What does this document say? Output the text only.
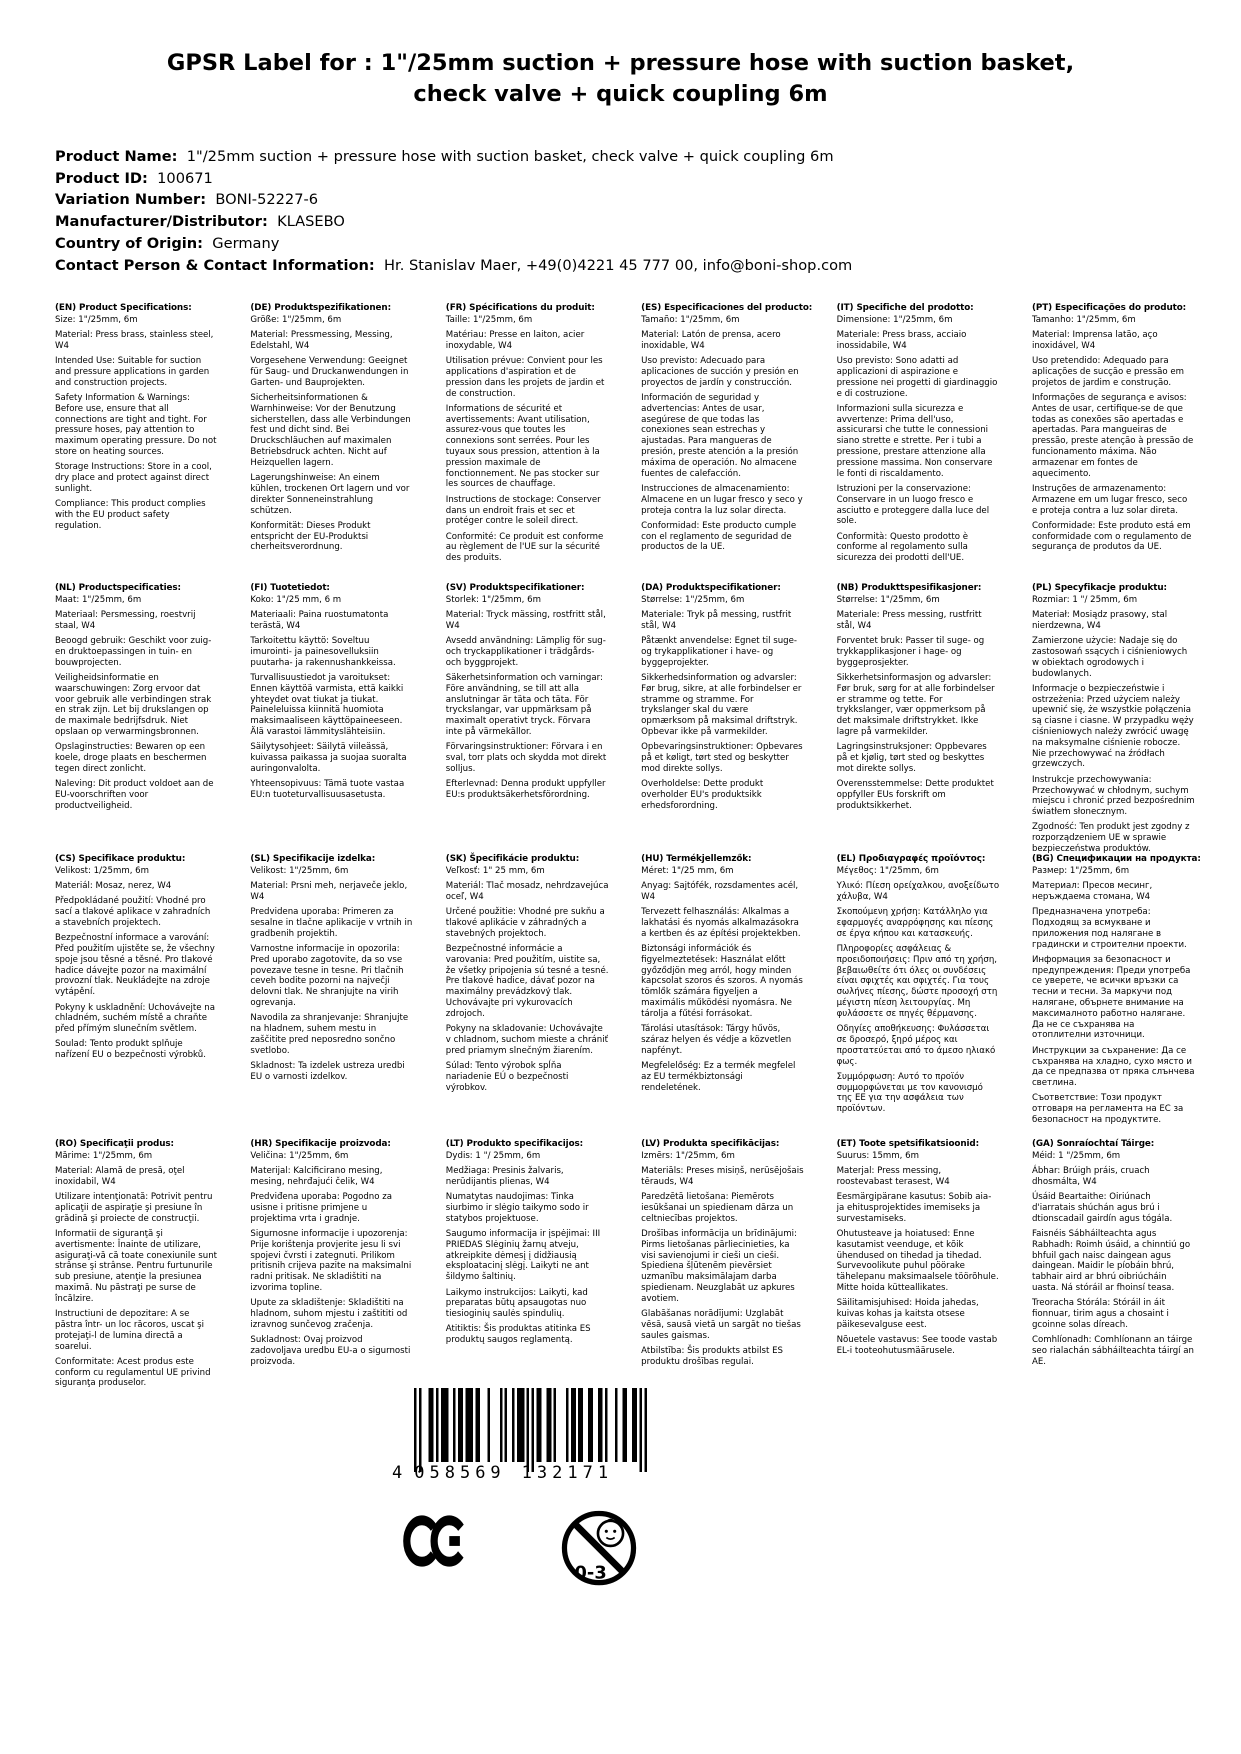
GPSR Label for : 1"/25mm suction + pressure hose with suction basket, check valve + quick coupling 6m
Product Name:  1"/25mm suction + pressure hose with suction basket, check valve + quick coupling 6m
Product ID:  100671
Variation Number:  BONI-52227-6
Manufacturer/Distributor:  KLASEBO
Country of Origin:  Germany
Contact Person & Contact Information:  Hr. Stanislav Maer, +49(0)4221 45 777 00, info@boni-shop.com
(EN) Product Specifications:

Size: 1"/25mm, 6m

Material: Press brass, stainless steel, W4

Intended Use: Suitable for suction and pressure applications in garden and construction projects.

Safety Information & Warnings: Before use, ensure that all connections are tight and tight. For pressure hoses, pay attention to maximum operating pressure. Do not store on heating sources.

Storage Instructions: Store in a cool, dry place and protect against direct sunlight.

Compliance: This product complies with the EU product safety regulation.

(DE) Produktspezifikationen:

Größe: 1"/25mm, 6m

Material: Pressmessing, Messing, Edelstahl, W4

Vorgesehene Verwendung: Geeignet für Saug- und Druckanwendungen in Garten- und Bauprojekten.

Sicherheitsinformationen & Warnhinweise: Vor der Benutzung sicherstellen, dass alle Verbindungen fest und dicht sind. Bei Druckschläuchen auf maximalen Betriebsdruck achten. Nicht auf Heizquellen lagern.

Lagerungshinweise: An einem kühlen, trockenen Ort lagern und vor direkter Sonneneinstrahlung schützen.

Konformität: Dieses Produkt entspricht der EU-Produktsi cherheitsverordnung.

(FR) Spécifications du produit:

Taille: 1"/25mm, 6m

Matériau: Presse en laiton, acier inoxydable, W4

Utilisation prévue: Convient pour les applications d'aspiration et de pression dans les projets de jardin et de construction.

Informations de sécurité et avertissements: Avant utilisation, assurez-vous que toutes les connexions sont serrées. Pour les tuyaux sous pression, attention à la pression maximale de fonctionnement. Ne pas stocker sur les sources de chauffage.

Instructions de stockage: Conserver dans un endroit frais et sec et protéger contre le soleil direct.

Conformité: Ce produit est conforme au règlement de l'UE sur la sécurité des produits.

(ES) Especificaciones del producto:

Tamaño: 1"/25mm, 6m

Material: Latón de prensa, acero inoxidable, W4

Uso previsto: Adecuado para aplicaciones de succión y presión en proyectos de jardín y construcción.

Información de seguridad y advertencias: Antes de usar, asegúrese de que todas las conexiones sean estrechas y ajustadas. Para mangueras de presión, preste atención a la presión máxima de operación. No almacene fuentes de calefacción.

Instrucciones de almacenamiento: Almacene en un lugar fresco y seco y proteja contra la luz solar directa.

Conformidad: Este producto cumple con el reglamento de seguridad de productos de la UE.

(IT) Specifiche del prodotto:

Dimensione: 1"/25mm, 6m

Materiale: Press brass, acciaio inossidabile, W4

Uso previsto: Sono adatti ad applicazioni di aspirazione e pressione nei progetti di giardinaggio e di costruzione.

Informazioni sulla sicurezza e avvertenze: Prima dell'uso, assicurarsi che tutte le connessioni siano strette e strette. Per i tubi a pressione, prestare attenzione alla pressione massima. Non conservare le fonti di riscaldamento.

Istruzioni per la conservazione: Conservare in un luogo fresco e asciutto e proteggere dalla luce del sole.

Conformità: Questo prodotto è conforme al regolamento sulla sicurezza dei prodotti dell'UE.

(PT) Especificações do produto:

Tamanho: 1"/25mm, 6m

Material: Imprensa latão, aço inoxidável, W4

Uso pretendido: Adequado para aplicações de sucção e pressão em projetos de jardim e construção.

Informações de segurança e avisos: Antes de usar, certifique-se de que todas as conexões são apertadas e apertadas. Para mangueiras de pressão, preste atenção à pressão de funcionamento máxima. Não armazenar em fontes de aquecimento.

Instruções de armazenamento: Armazene em um lugar fresco, seco e proteja contra a luz solar direta.

Conformidade: Este produto está em conformidade com o regulamento de segurança de produtos da UE.

(NL) Productspecificaties:

Maat: 1"/25mm, 6m

Materiaal: Persmessing, roestvrij staal, W4

Beoogd gebruik: Geschikt voor zuig- en druktoepassingen in tuin- en bouwprojecten.

Veiligheidsinformatie en waarschuwingen: Zorg ervoor dat voor gebruik alle verbindingen strak en strak zijn. Let bij drukslangen op de maximale bedrijfsdruk. Niet opslaan op verwarmingsbronnen.

Opslaginstructies: Bewaren op een koele, droge plaats en beschermen tegen direct zonlicht.

Naleving: Dit product voldoet aan de EU-voorschriften voor productveiligheid.

(FI) Tuotetiedot:

Koko: 1"/25 mm, 6 m

Materiaali: Paina ruostumatonta terästä, W4

Tarkoitettu käyttö: Soveltuu imurointi- ja painesovelluksiin puutarha- ja rakennushankkeissa.

Turvallisuustiedot ja varoitukset: Ennen käyttöä varmista, että kaikki yhteydet ovat tiukat ja tiukat. Paineleluissa kiinnitä huomiota maksimaaliseen käyttöpaineeseen. Älä varastoi lämmityslähteisiin.

Säilytysohjeet: Säilytä viileässä, kuivassa paikassa ja suojaa suoralta auringonvalolta.

Yhteensopivuus: Tämä tuote vastaa EU:n tuoteturvallisuusasetusta.

(SV) Produktspecifikationer:

Storlek: 1"/25mm, 6m

Material: Tryck mässing, rostfritt stål, W4

Avsedd användning: Lämplig för sug- och tryckapplikationer i trädgårds- och byggprojekt.

Säkerhetsinformation och varningar: Före användning, se till att alla anslutningar är täta och täta. För tryckslangar, var uppmärksam på maximalt operativt tryck. Förvara inte på värmekällor.

Förvaringsinstruktioner: Förvara i en sval, torr plats och skydda mot direkt solljus.

Efterlevnad: Denna produkt uppfyller EU:s produktsäkerhetsförordning.

(DA) Produktspecifikationer:

Størrelse: 1"/25mm, 6m

Materiale: Tryk på messing, rustfrit stål, W4

Påtænkt anvendelse: Egnet til suge- og trykapplikationer i have- og byggeprojekter.

Sikkerhedsinformation og advarsler: Før brug, sikre, at alle forbindelser er stramme og stramme. For trykslanger skal du være opmærksom på maksimal driftstryk. Opbevar ikke på varmekilder.

Opbevaringsinstruktioner: Opbevares på et køligt, tørt sted og beskytter mod direkte sollys.

Overholdelse: Dette produkt overholder EU's produktsikk erhedsforordning.

(NB) Produkttspesifikasjoner:

Størrelse: 1"/25mm, 6m

Materiale: Press messing, rustfritt stål, W4

Forventet bruk: Passer til suge- og trykkapplikasjoner i hage- og byggeprosjekter.

Sikkerhetsinformasjon og advarsler: Før bruk, sørg for at alle forbindelser er stramme og tette. For trykkslanger, vær oppmerksom på det maksimale driftstrykket. Ikke lagre på varmekilder.

Lagringsinstruksjoner: Oppbevares på et kjølig, tørt sted og beskyttes mot direkte sollys.

Overensstemmelse: Dette produktet oppfyller EUs forskrift om produktsikkerhet.

(PL) Specyfikacje produktu:

Rozmiar: 1 "/ 25mm, 6m

Materiał: Mosiądz prasowy, stal nierdzewna, W4

Zamierzone użycie: Nadaje się do zastosowań ssących i ciśnieniowych w obiektach ogrodowych i budowlanych.

Informacje o bezpieczeństwie i ostrzeżenia: Przed użyciem należy upewnić się, że wszystkie połączenia są ciasne i ciasne. W przypadku węży ciśnieniowych należy zwrócić uwagę na maksymalne ciśnienie robocze. Nie przechowywać na źródłach grzewczych.

Instrukcje przechowywania: Przechowywać w chłodnym, suchym miejscu i chronić przed bezpośrednim światłem słonecznym.

Zgodność: Ten produkt jest zgodny z rozporządzeniem UE w sprawie bezpieczeństwa produktów.

(CS) Specifikace produktu:

Velikost: 1/25mm, 6m

Materiál: Mosaz, nerez, W4

Předpokládané použití: Vhodné pro sací a tlakové aplikace v zahradních a stavebních projektech.

Bezpečnostní informace a varování: Před použitím ujistěte se, že všechny spoje jsou těsné a těsné. Pro tlakové hadice dávejte pozor na maximální provozní tlak. Neukládejte na zdroje vytápění.

Pokyny k uskladnění: Uchovávejte na chladném, suchém místě a chraňte před přímým slunečním světlem.

Soulad: Tento produkt splňuje nařízení EU o bezpečnosti výrobků.

(SL) Specifikacije izdelka:

Velikost: 1"/25mm, 6m

Material: Prsni meh, nerjaveče jeklo, W4

Predvidena uporaba: Primeren za sesalne in tlačne aplikacije v vrtnih in gradbenih projektih.

Varnostne informacije in opozorila: Pred uporabo zagotovite, da so vse povezave tesne in tesne. Pri tlačnih ceveh bodite pozorni na največji delovni tlak. Ne shranjujte na virih ogrevanja.

Navodila za shranjevanje: Shranjujte na hladnem, suhem mestu in zaščitite pred neposredno sončno svetlobo.

Skladnost: Ta izdelek ustreza uredbi EU o varnosti izdelkov.

(SK) Špecifikácie produktu:

Veľkosť: 1" 25 mm, 6m

Materiál: Tlač mosadz, nehrdzavejúca oceľ, W4

Určené použitie: Vhodné pre sukňu a tlakové aplikácie v záhradných a stavebných projektoch.

Bezpečnostné informácie a varovania: Pred použitím, uistite sa, že všetky pripojenia sú tesné a tesné. Pre tlakové hadice, dávať pozor na maximálny prevádzkový tlak. Uchovávajte pri vykurovacích zdrojoch.

Pokyny na skladovanie: Uchovávajte v chladnom, suchom mieste a chrániť pred priamym slnečným žiarením.

Súlad: Tento výrobok spĺňa nariadenie EÚ o bezpečnosti výrobkov.

(HU) Termékjellemzők:

Méret: 1"/25 mm, 6m

Anyag: Sajtófék, rozsdamentes acél, W4

Tervezett felhasználás: Alkalmas a lakhatási és nyomás alkalmazásokra a kertben és az építési projektekben.

Biztonsági információk és figyelmeztetések: Használat előtt győződjön meg arról, hogy minden kapcsolat szoros és szoros. A nyomás tömlők számára figyeljen a maximális működési nyomásra. Ne tárolja a fűtési forrásokat.

Tárolási utasítások: Tárgy hűvös, száraz helyen és védje a közvetlen napfényt.

Megfelelőség: Ez a termék megfelel az EU termékbiztonsági rendeletének.

(EL) Προδιαγραφές προϊόντος:

Μέγεθος: 1"/25mm, 6m

Υλικό: Πίεση ορείχαλκου, ανοξείδωτο χάλυβα, W4

Σκοπούμενη χρήση: Κατάλληλο για εφαρμογές αναρρόφησης και πίεσης σε έργα κήπου και κατασκευής.

Πληροφορίες ασφάλειας & προειδοποιήσεις: Πριν από τη χρήση, βεβαιωθείτε ότι όλες οι συνδέσεις είναι σφιχτές και σφιχτές. Για τους σωλήνες πίεσης, δώστε προσοχή στη μέγιστη πίεση λειτουργίας. Μη φυλάσσετε σε πηγές θέρμανσης.

Οδηγίες αποθήκευσης: Φυλάσσεται σε δροσερό, ξηρό μέρος και προστατεύεται από το άμεσο ηλιακό φως.

Συμμόρφωση: Αυτό το προϊόν συμμορφώνεται με τον κανονισμό της ΕΕ για την ασφάλεια των προϊόντων.

(BG) Спецификации на продукта:

Размер: 1"/25mm, 6m

Материал: Пресов месинг, неръждаема стомана, W4

Предназначена употреба: Подходящ за всмукване и приложения под налягане в градински и строителни проекти.

Информация за безопасност и предупреждения: Преди употреба се уверете, че всички връзки са тесни и тесни. За маркучи под налягане, обърнете внимание на максималното работно налягане. Да не се съхранява на отоплителни източници.

Инструкции за съхранение: Да се съхранява на хладно, сухо място и да се предпазва от пряка слънчева светлина.

Съответствие: Този продукт отговаря на регламента на ЕС за безопасност на продуктите.

(RO) Specificaţii produs:

Mărime: 1"/25mm, 6m

Material: Alamă de presă, oţel inoxidabil, W4

Utilizare intenţionată: Potrivit pentru aplicaţii de aspiraţie şi presiune în grădină şi proiecte de construcţii.

Informatii de siguranţă şi avertismente: Înainte de utilizare, asiguraţi-vă că toate conexiunile sunt strânse şi strânse. Pentru furtunurile sub presiune, atenţie la presiunea maximă. Nu păstraţi pe surse de încălzire.

Instructiuni de depozitare: A se păstra într- un loc răcoros, uscat şi protejaţi-l de lumina directă a soarelui.

Conformitate: Acest produs este conform cu regulamentul UE privind siguranţa produselor.

(HR) Specifikacije proizvoda:

Veličina: 1"/25mm, 6m

Materijal: Kalcificirano mesing, mesing, nehrđajući čelik, W4

Predviđena uporaba: Pogodno za usisne i pritisne primjene u projektima vrta i gradnje.

Sigurnosne informacije i upozorenja: Prije korištenja provjerite jesu li svi spojevi čvrsti i zategnuti. Prilikom pritisnih crijeva pazite na maksimalni radni pritisak. Ne skladištiti na izvorima topline.

Upute za skladištenje: Skladištiti na hladnom, suhom mjestu i zaštititi od izravnog sunčevog zračenja.

Sukladnost: Ovaj proizvod zadovoljava uredbu EU-a o sigurnosti proizvoda.

(LT) Produkto specifikacijos:

Dydis: 1 "/ 25mm, 6m

Medžiaga: Presinis žalvaris, nerūdijantis plienas, W4

Numatytas naudojimas: Tinka siurbimo ir slėgio taikymo sodo ir statybos projektuose.

Saugumo informacija ir įspėjimai: III PRIEDAS Slėginių žarnų atveju, atkreipkite dėmesį į didžiausią eksploatacinį slėgį. Laikyti ne ant šildymo šaltinių.

Laikymo instrukcijos: Laikyti, kad preparatas būtų apsaugotas nuo tiesioginių saulės spindulių.

Atitiktis: Šis produktas atitinka ES produktų saugos reglamentą.

(LV) Produkta specifikācijas:

Izmērs: 1"/25mm, 6m

Materiāls: Preses misiņš, nerūsējošais tērauds, W4

Paredzētā lietošana: Piemērots iesūkšanai un spiedienam dārza un celtniecības projektos.

Drošības informācija un brīdinājumi: Pirms lietošanas pārliecinieties, ka visi savienojumi ir cieši un cieši. Spiediena šļūtenēm pievērsiet uzmanību maksimālajam darba spiedienam. Neuzglabāt uz apkures avotiem.

Glabāšanas norādījumi: Uzglabāt vēsā, sausā vietā un sargāt no tiešas saules gaismas.

Atbilstība: Šis produkts atbilst ES produktu drošības regulai.

(ET) Toote spetsifikatsioonid:

Suurus: 15mm, 6m

Materjal: Press messing, roostevabast terasest, W4

Eesmärgipärane kasutus: Sobib aia- ja ehitusprojektides imemiseks ja survestamiseks.

Ohutusteave ja hoiatused: Enne kasutamist veenduge, et kõik ühendused on tihedad ja tihedad. Survevoolikute puhul pöörake tähelepanu maksimaalsele töörõhule. Mitte hoida kütteallikates.

Säilitamisjuhised: Hoida jahedas, kuivas kohas ja kaitsta otsese päikesevalguse eest.

Nõuetele vastavus: See toode vastab EL-i tooteohutusmäärusele.

(GA) Sonraíochtaí Táirge:

Méid: 1 "/25mm, 6m

Ábhar: Brúigh práis, cruach dhosmálta, W4

Úsáid Beartaithe: Oiriúnach d'iarratais shúchán agus brú i dtionscadail gairdín agus tógála.

Faisnéis Sábháilteachta agus Rabhadh: Roimh úsáid, a chinntiú go bhfuil gach naisc daingean agus daingean. Maidir le píobáin bhrú, tabhair aird ar bhrú oibriúcháin uasta. Ná stóráil ar fhoinsí teasa.

Treoracha Stórála: Stóráil in áit fionnuar, tirim agus a chosaint i gcoinne solas díreach.

Comhlíonadh: Comhlíonann an táirge seo rialachán sábháilteachta táirgí an AE.

4 058569 132171
0-3
